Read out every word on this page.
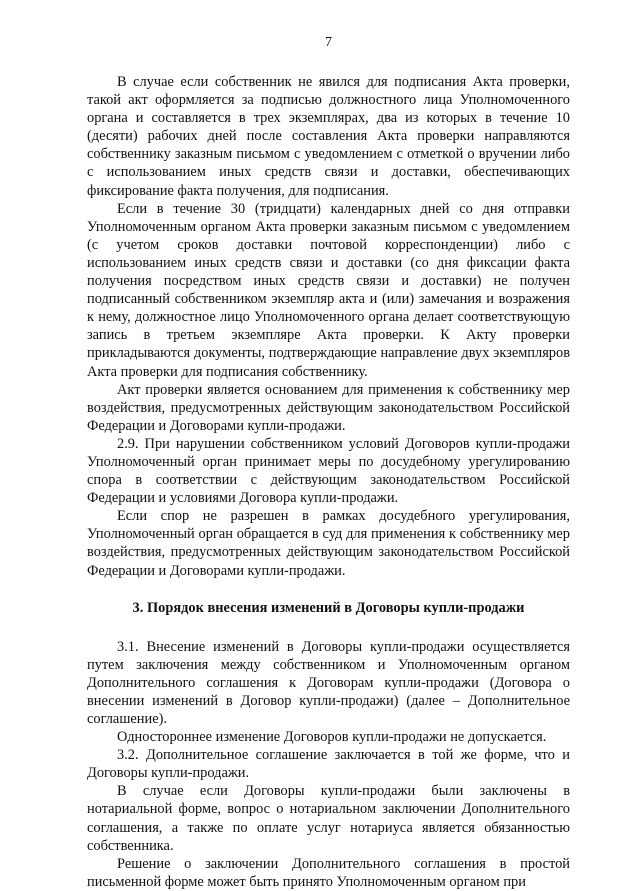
7

В случае если собственник не явился для подписания Акта проверки, такой акт оформляется за подписью должностного лица Уполномоченного органа и составляется в трех экземплярах, два из которых в течение 10 (десяти) рабочих дней после составления Акта проверки направляются собственнику заказным письмом с уведомлением с отметкой о вручении либо с использованием иных средств связи и доставки, обеспечивающих фиксирование факта получения, для подписания.

Если в течение 30 (тридцати) календарных дней со дня отправки Уполномоченным органом Акта проверки заказным письмом с уведомлением (с учетом сроков доставки почтовой корреспонденции) либо с использованием иных средств связи и доставки (со дня фиксации факта получения посредством иных средств связи и доставки) не получен подписанный собственником экземпляр акта и (или) замечания и возражения к нему, должностное лицо Уполномоченного органа делает соответствующую запись в третьем экземпляре Акта проверки. К Акту проверки прикладываются документы, подтверждающие направление двух экземпляров Акта проверки для подписания собственнику.

Акт проверки является основанием для применения к собственнику мер воздействия, предусмотренных действующим законодательством Российской Федерации и Договорами купли-продажи.

2.9. При нарушении собственником условий Договоров купли-продажи Уполномоченный орган принимает меры по досудебному урегулированию спора в соответствии с действующим законодательством Российской Федерации и условиями Договора купли-продажи.

Если спор не разрешен в рамках досудебного урегулирования, Уполномоченный орган обращается в суд для применения к собственнику мер воздействия, предусмотренных действующим законодательством Российской Федерации и Договорами купли-продажи.

3. Порядок внесения изменений в Договоры купли-продажи

3.1. Внесение изменений в Договоры купли-продажи осуществляется путем заключения между собственником и Уполномоченным органом Дополнительного соглашения к Договорам купли-продажи (Договора о внесении изменений в Договор купли-продажи) (далее – Дополнительное соглашение).

Одностороннее изменение Договоров купли-продажи не допускается.

3.2. Дополнительное соглашение заключается в той же форме, что и Договоры купли-продажи.

В случае если Договоры купли-продажи были заключены в нотариальной форме, вопрос о нотариальном заключении Дополнительного соглашения, а также по оплате услуг нотариуса является обязанностью собственника.

Решение о заключении Дополнительного соглашения в простой письменной форме может быть принято Уполномоченным органом при
